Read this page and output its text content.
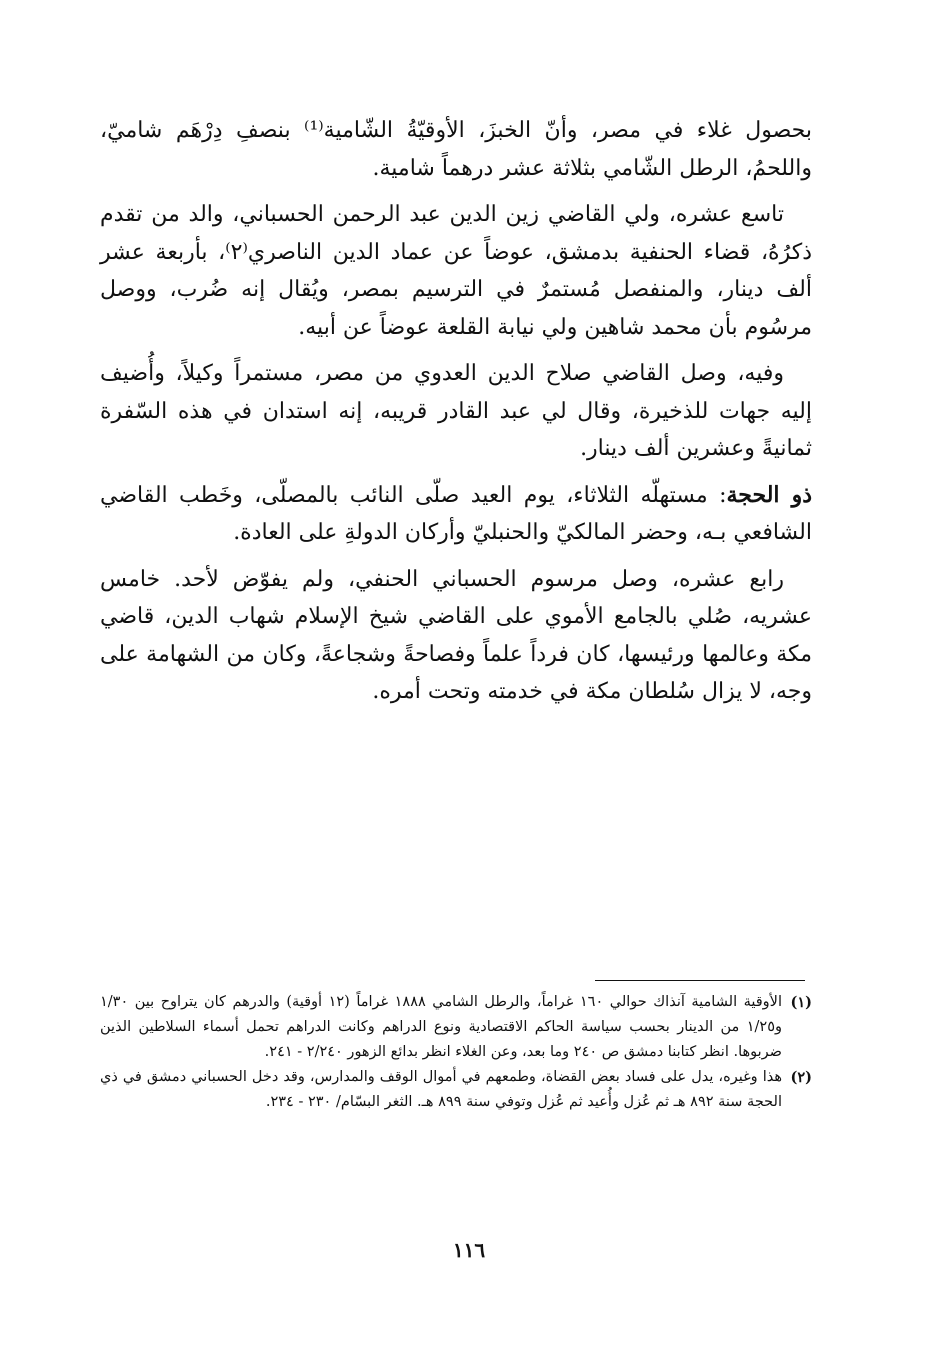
بحصول غلاء في مصر، وأنّ الخبزَ، الأوقيّةُ الشّامية⁽¹⁾ بنصفِ دِرْهَم شاميّ، واللحمُ، الرطل الشّامي بثلاثة عشر درهماً شامية.

تاسع عشره، ولي القاضي زين الدين عبد الرحمن الحسباني، والد من تقدم ذكرُهُ، قضاء الحنفية بدمشق، عوضاً عن عماد الدين الناصري⁽٢⁾، بأربعة عشر ألف دينار، والمنفصل مُستمرٌ في الترسيم بمصر، ويُقال إنه ضُرب، ووصل مرسُوم بأن محمد شاهين ولي نيابة القلعة عوضاً عن أبيه.

وفيه، وصل القاضي صلاح الدين العدوي من مصر، مستمراً وكيلاً، وأُضيف إليه جهات للذخيرة، وقال لي عبد القادر قريبه، إنه استدان في هذه السّفرة ثمانيةً وعشرين ألف دينار.

ذو الحجة: مستهلّه الثلاثاء، يوم العيد صلّى النائب بالمصلّى، وخَطب القاضي الشافعي بـه، وحضر المالكيّ والحنبليّ وأركان الدولةِ على العادة.

رابع عشره، وصل مرسوم الحسباني الحنفي، ولم يفوّض لأحد. خامس عشريه، صُلي بالجامع الأموي على القاضي شيخ الإسلام شهاب الدين، قاضي مكة وعالمها ورئيسها، كان فرداً علماً وفصاحةً وشجاعةً، وكان من الشهامة على وجه، لا يزال سُلطان مكة في خدمته وتحت أمره.

(١)
الأوقية الشامية آنذاك حوالي ١٦٠ غراماً، والرطل الشامي ١٨٨٨ غراماً (١٢ أوقية) والدرهم كان يتراوح بين ١/٣٠ و١/٢٥ من الدينار بحسب سياسة الحاكم الاقتصادية ونوع الدراهم وكانت الدراهم تحمل أسماء السلاطين الذين ضربوها. انظر كتابنا دمشق ص ٢٤٠ وما بعد، وعن الغلاء انظر بدائع الزهور ٢/٢٤٠ - ٢٤١.

(٢)
هذا وغيره، يدل على فساد بعض القضاة، وطمعهم في أموال الوقف والمدارس، وقد دخل الحسباني دمشق في ذي الحجة سنة ٨٩٢ هـ ثم عُزل وأُعيد ثم عُزل وتوفي سنة ٨٩٩ هـ. الثغر البسّام/ ٢٣٠ - ٢٣٤.

١١٦
